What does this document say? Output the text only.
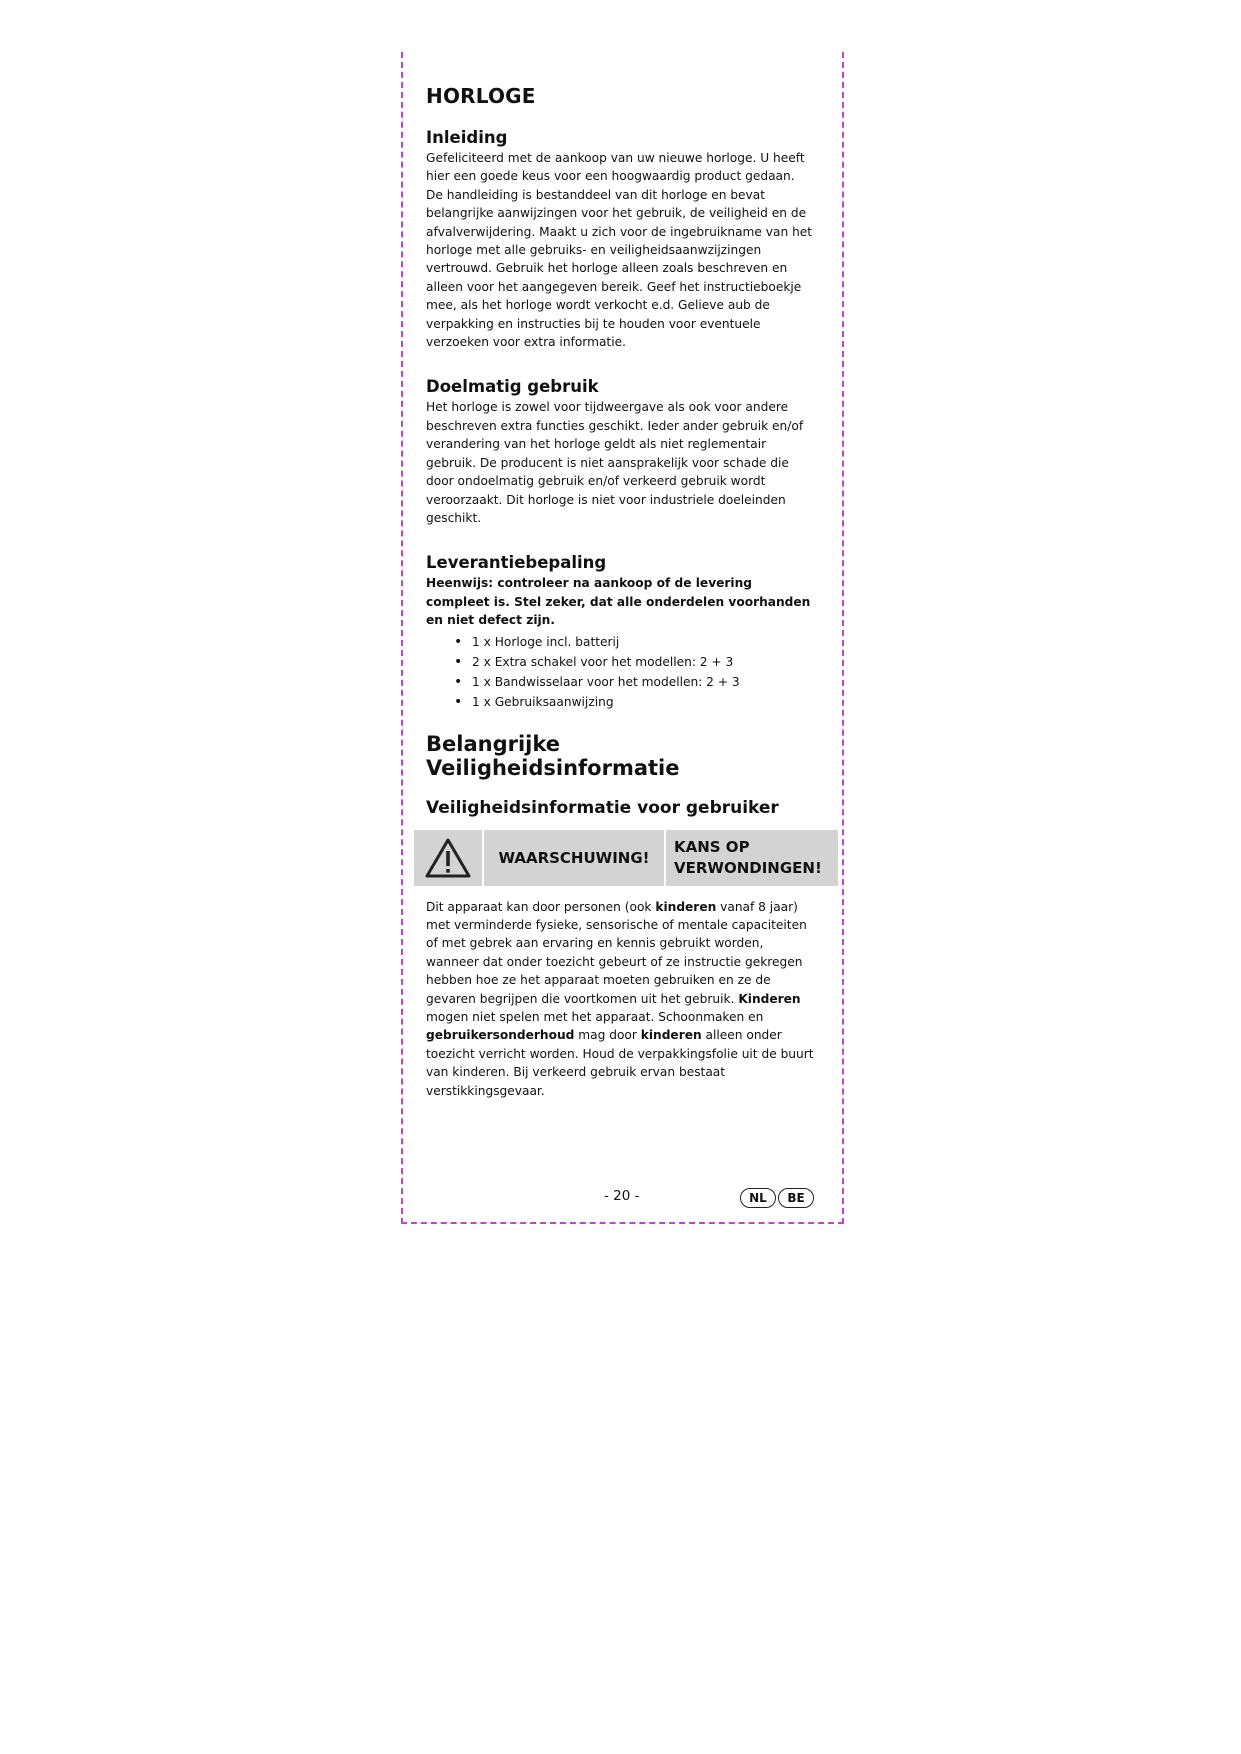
HORLOGE
Inleiding

Gefeliciteerd met de aankoop van uw nieuwe horloge. U heeft hier een goede keus voor een hoogwaardig product gedaan.

De handleiding is bestanddeel van dit horloge en bevat belangrijke aanwijzingen voor het gebruik, de veiligheid en de afvalverwijdering. Maakt u zich voor de ingebruikname van het horloge met alle gebruiks- en veiligheidsaanwzijzingen vertrouwd. Gebruik het horloge alleen zoals beschreven en alleen voor het aangegeven bereik. Geef het instructieboekje mee, als het horloge wordt verkocht e.d. Gelieve aub de verpakking en instructies bij te houden voor eventuele verzoeken voor extra informatie.

Doelmatig gebruik

Het horloge is zowel voor tijdweergave als ook voor andere beschreven extra functies geschikt. Ieder ander gebruik en/of verandering van het horloge geldt als niet reglementair gebruik. De producent is niet aansprakelijk voor schade die door ondoelmatig gebruik en/of verkeerd gebruik wordt veroorzaakt. Dit horloge is niet voor industriele doeleinden geschikt.

Leverantiebepaling

Heenwijs: controleer na aankoop of de levering compleet is. Stel zeker, dat alle onderdelen voorhanden en niet defect zijn.

• 1 x Horloge incl. batterij
• 2 x Extra schakel voor het modellen: 2 + 3
• 1 x Bandwisselaar voor het modellen: 2 + 3
• 1 x Gebruiksaanwijzing
Belangrijke Veiligheidsinformatie
Veiligheidsinformatie voor gebruiker
WAARSCHUWING!
KANS OP VERWONDINGEN!

Dit apparaat kan door personen (ook kinderen vanaf 8 jaar) met verminderde fysieke, sensorische of mentale capaciteiten of met gebrek aan ervaring en kennis gebruikt worden, wanneer dat onder toezicht gebeurt of ze instructie gekregen hebben hoe ze het apparaat moeten gebruiken en ze de gevaren begrijpen die voortkomen uit het gebruik. Kinderen mogen niet spelen met het apparaat. Schoonmaken en gebruikersonderhoud mag door kinderen alleen onder toezicht verricht worden. Houd de verpakkingsfolie uit de buurt van kinderen. Bij verkeerd gebruik ervan bestaat verstikkingsgevaar.

- 20 -	NL	BE
